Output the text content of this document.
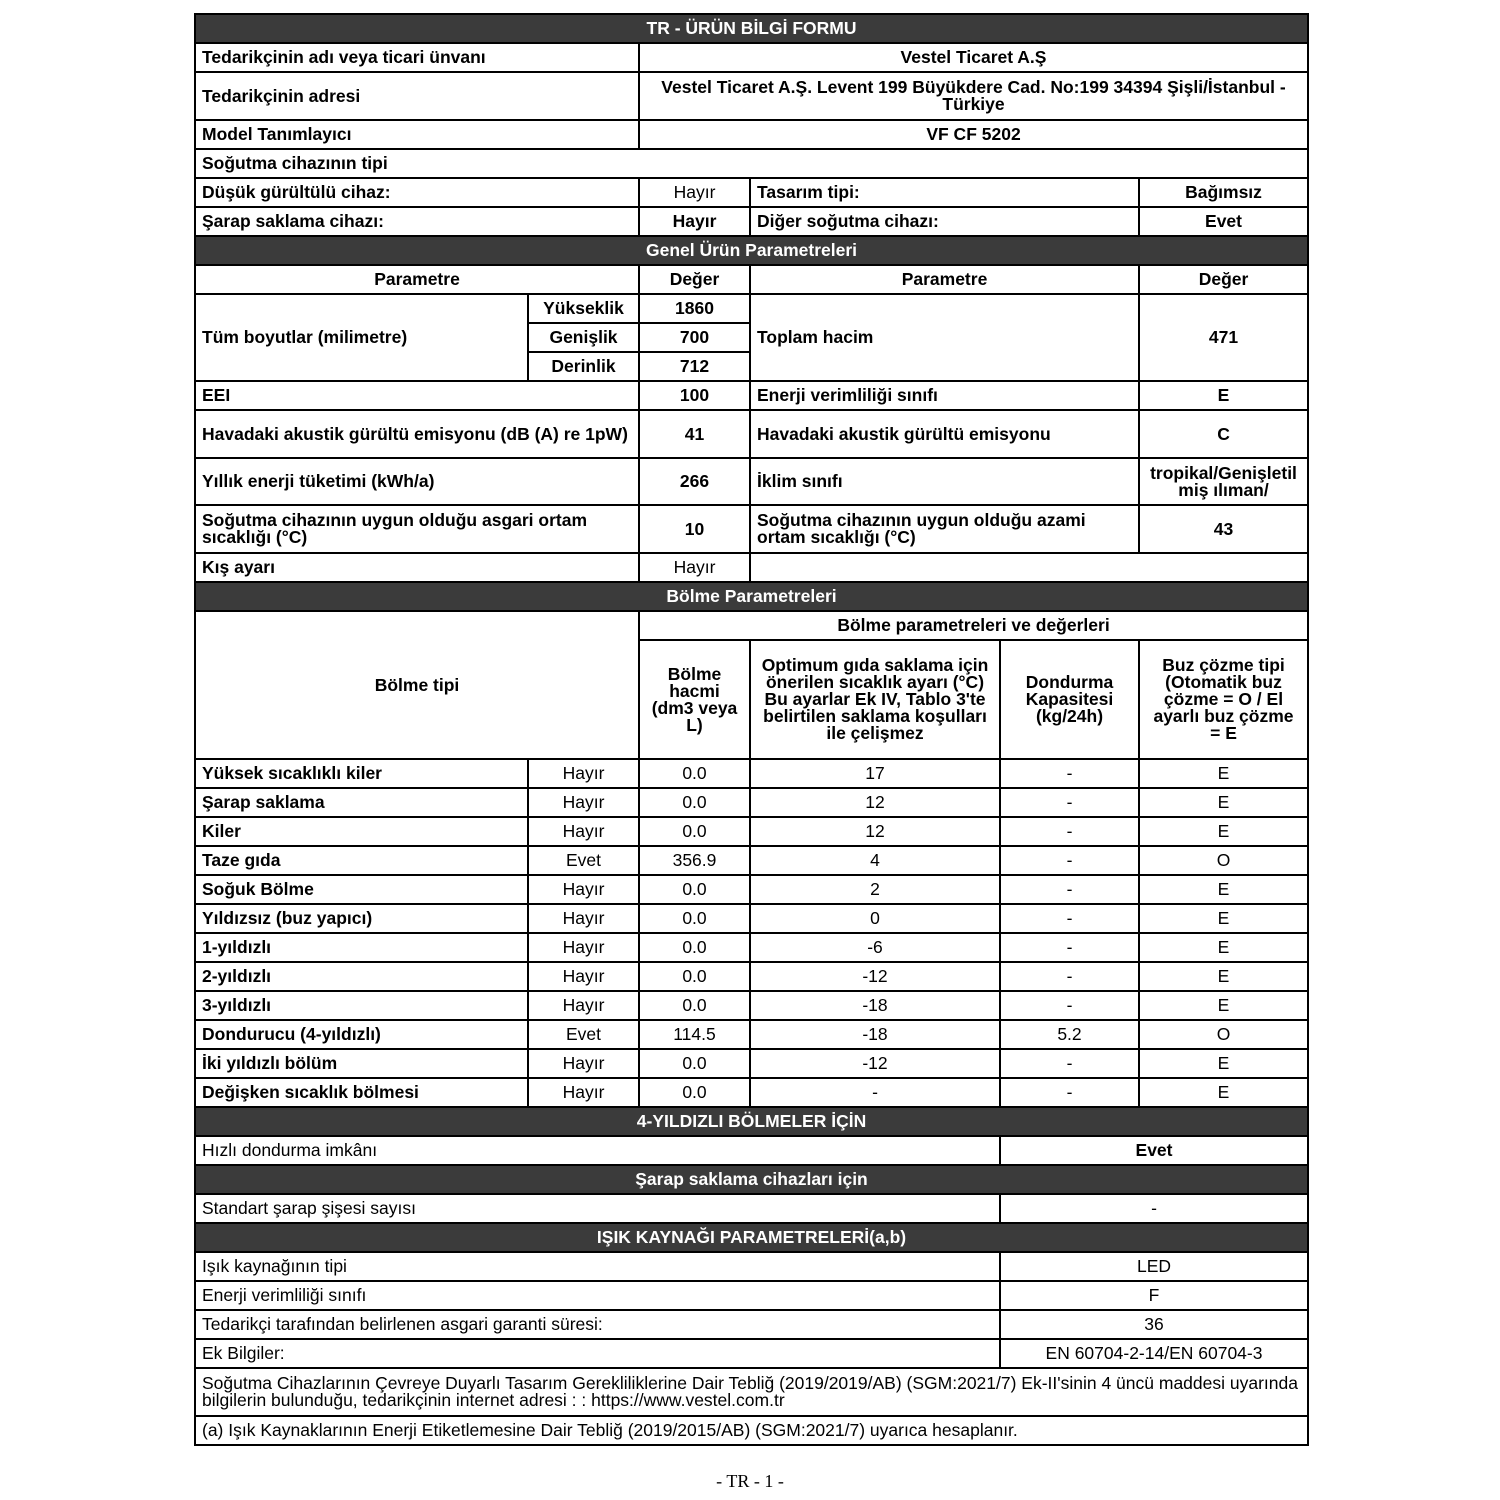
TR - ÜRÜN BİLGİ FORMU					
Tedarikçinin adı veya ticari ünvanı		Vestel Ticaret A.Ş			
Tedarikçinin adresi		Vestel Ticaret A.Ş. Levent 199 Büyükdere Cad. No:199 34394 Şişli/İstanbul - Türkiye			
Model Tanımlayıcı		VF CF 5202			
Soğutma cihazının tipi					
Düşük gürültülü cihaz:		Hayır	Tasarım tipi:		Bağımsız
Şarap saklama cihazı:		Hayır	Diğer soğutma cihazı:		Evet
Genel Ürün Parametreleri					
Parametre		Değer	Parametre		Değer
Tüm boyutlar (milimetre)	Yükseklik	1860	Toplam hacim		471
	Genişlik	700			
	Derinlik	712			
EEI		100	Enerji verimliliği sınıfı		E
Havadaki akustik gürültü emisyonu (dB (A) re 1pW)		41	Havadaki akustik gürültü emisyonu		C
Yıllık enerji tüketimi (kWh/a)		266	İklim sınıfı		tropikal/Genişletilmiş ılıman/
Soğutma cihazının uygun olduğu asgari ortam sıcaklığı (°C)		10	Soğutma cihazının uygun olduğu azami ortam sıcaklığı (°C)		43
Kış ayarı		Hayır			
Bölme Parametreleri					
Bölme tipi		Bölme parametreleri ve değerleri			
		Bölme hacmi (dm3 veya L)	Optimum gıda saklama için önerilen sıcaklık ayarı (°C) Bu ayarlar Ek IV, Tablo 3'te belirtilen saklama koşulları ile çelişmez	Dondurma Kapasitesi (kg/24h)	Buz çözme tipi (Otomatik buz çözme = O / El ayarlı buz çözme = E
Yüksek sıcaklıklı kiler	Hayır	0.0	17	-	E
Şarap saklama	Hayır	0.0	12	-	E
Kiler	Hayır	0.0	12	-	E
Taze gıda	Evet	356.9	4	-	O
Soğuk Bölme	Hayır	0.0	2	-	E
Yıldızsız (buz yapıcı)	Hayır	0.0	0	-	E
1-yıldızlı	Hayır	0.0	-6	-	E
2-yıldızlı	Hayır	0.0	-12	-	E
3-yıldızlı	Hayır	0.0	-18	-	E
Dondurucu (4-yıldızlı)	Evet	114.5	-18	5.2	O
İki yıldızlı bölüm	Hayır	0.0	-12	-	E
Değişken sıcaklık bölmesi	Hayır	0.0	-	-	E
4-YILDIZLI BÖLMELER İÇİN					
Hızlı dondurma imkânı				Evet	
Şarap saklama cihazları için					
Standart şarap şişesi sayısı				-	
IŞIK KAYNAĞI PARAMETRELERİ(a,b)					
Işık kaynağının tipi				LED	
Enerji verimliliği sınıfı				F	
Tedarikçi tarafından belirlenen asgari garanti süresi:				36	
Ek Bilgiler:				EN 60704-2-14/EN 60704-3	
Soğutma Cihazlarının Çevreye Duyarlı Tasarım Gerekliliklerine Dair Tebliğ (2019/2019/AB) (SGM:2021/7) Ek-II'sinin 4 üncü maddesi uyarında bilgilerin bulunduğu, tedarikçinin internet adresi : : https://www.vestel.com.tr					
(a) Işık Kaynaklarının Enerji Etiketlemesine Dair Tebliğ (2019/2015/AB) (SGM:2021/7) uyarıca hesaplanır.					
- TR - 1 -
